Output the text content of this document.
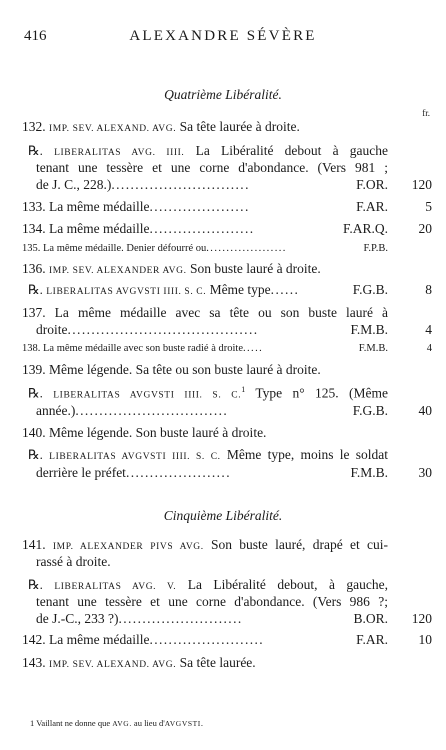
416	ALEXANDRE SÉVÈRE
Quatrième Libéralité.
fr.
132. IMP. SEV. ALEXAND. AVG. Sa tête laurée à droite.
℞. LIBERALITAS AVG. IIII. La Libéralité debout à gauche
tenant une tessère et une corne d'abondance. (Vers 981 ;
de J. C., 228.).............................	F.OR. 120
133. La même médaille.....................	F.AR.	5
134. La même médaille......................	F.AR.Q. 20
135. La même médaille. Denier défourré ou....................	F.P.B.
136. IMP. SEV. ALEXANDER AVG. Son buste lauré à droite.
℞. LIBERALITAS AVGVSTI IIII. S. C. Même type......	F.G.B.	8
137. La même médaille avec sa tête ou son buste lauré à
droite........................................	F.M.B.	4
138. La même médaille avec son buste radié à droite.....	F.M.B.	4
139. Même légende. Sa tête ou son buste lauré à droite.
℞. LIBERALITAS AVGVSTI IIII. S. C.$^1$ Type n° 125. (Même
année.)................................	F.G.B. 40
140. Même légende. Son buste lauré à droite.
℞. LIBERALITAS AVGVSTI IIII. S. C. Même type, moins le soldat
derrière le préfet......................	F.M.B. 30
Cinquième Libéralité.
141. IMP. ALEXANDER PIVS AVG. Son buste lauré, drapé et cui-
rassé à droite.
℞. LIBERALITAS AVG. V. La Libéralité debout, à gauche,
tenant une tessère et une corne d'abondance. (Vers 986 ?;
de J.-C., 233 ?)..........................	B.OR. 120
142. La même médaille........................	F.AR. 10
143. IMP. SEV. ALEXAND. AVG. Sa tête laurée.
1 Vaillant ne donne que AVG. au lieu d'AVGVSTI.
